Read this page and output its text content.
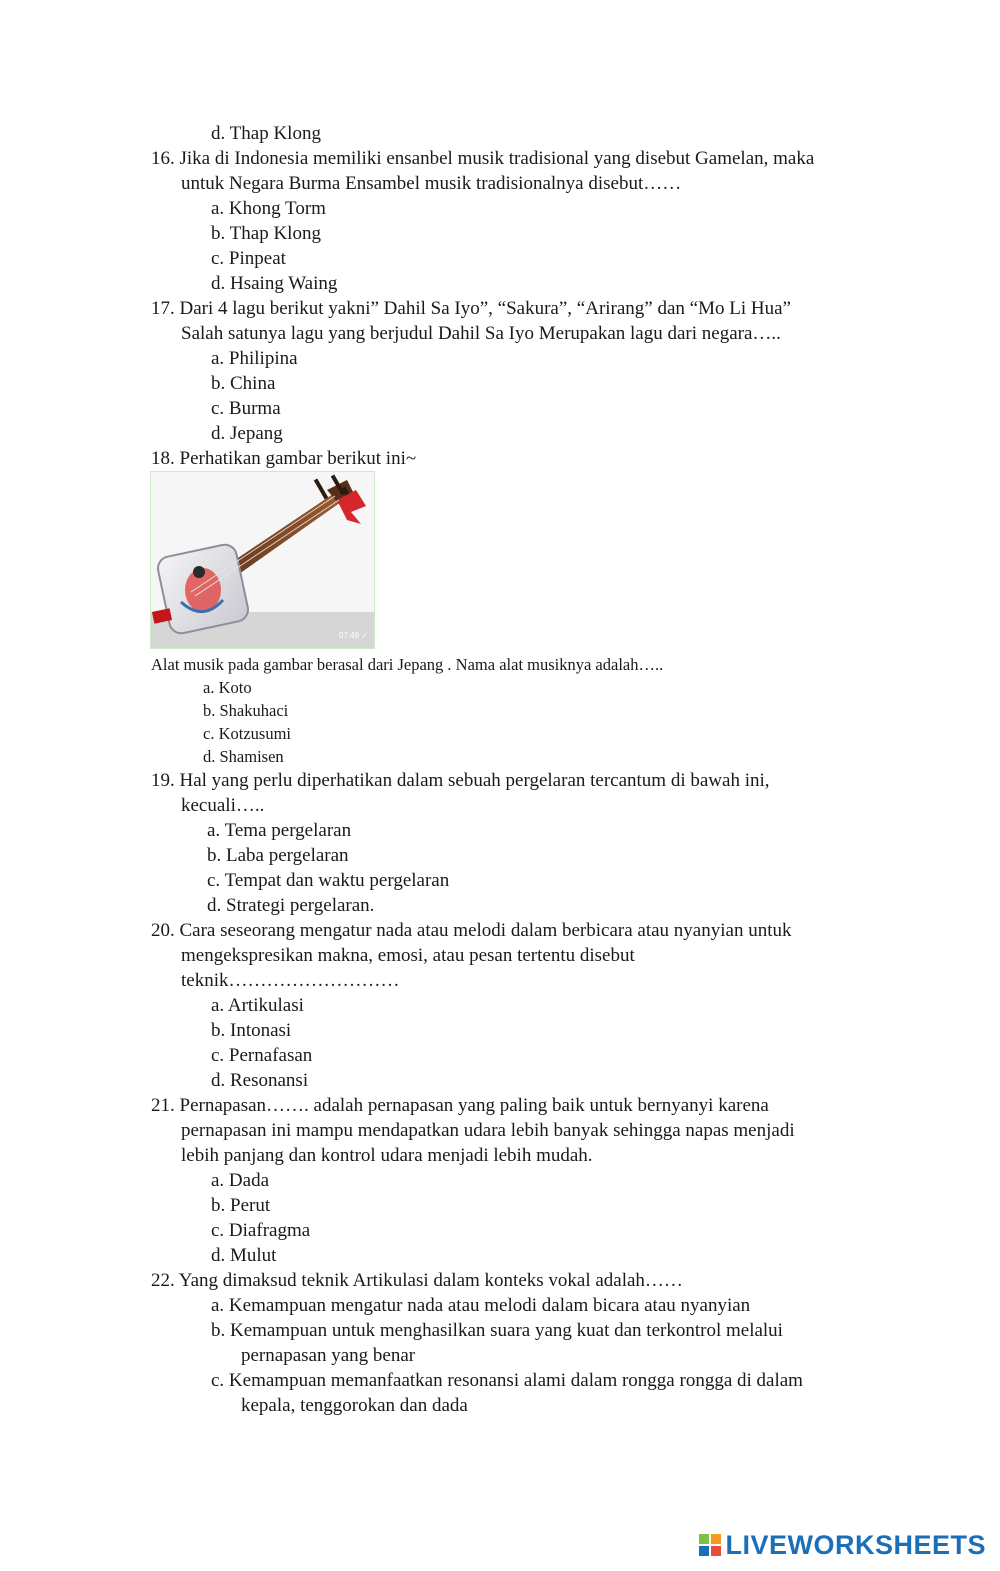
d. Thap Klong
16. Jika di Indonesia memiliki ensanbel musik tradisional yang disebut Gamelan, maka
untuk Negara Burma Ensambel musik tradisionalnya disebut……
a. Khong Torm
b. Thap Klong
c. Pinpeat
d. Hsaing Waing
17. Dari 4 lagu berikut yakni” Dahil Sa Iyo”, “Sakura”, “Arirang” dan “Mo Li Hua”
Salah satunya lagu yang berjudul Dahil Sa Iyo Merupakan lagu dari negara…..
a. Philipina
b. China
c. Burma
d. Jepang
18. Perhatikan gambar berikut ini~
07:49 ✓
Alat musik pada gambar berasal dari Jepang . Nama alat musiknya adalah…..
a. Koto
b. Shakuhaci
c. Kotzusumi
d. Shamisen
19. Hal yang perlu diperhatikan dalam sebuah pergelaran tercantum di bawah ini,
kecuali…..
a. Tema pergelaran
b. Laba pergelaran
c. Tempat dan waktu pergelaran
d. Strategi pergelaran.
20. Cara seseorang mengatur nada atau melodi dalam berbicara atau nyanyian untuk
mengekspresikan makna, emosi, atau pesan tertentu disebut
teknik………………………
a. Artikulasi
b. Intonasi
c. Pernafasan
d. Resonansi
21. Pernapasan……. adalah pernapasan yang paling baik untuk bernyanyi karena
pernapasan ini mampu mendapatkan udara lebih banyak sehingga napas menjadi
lebih panjang dan kontrol udara menjadi lebih mudah.
a. Dada
b. Perut
c. Diafragma
d. Mulut
22. Yang dimaksud teknik Artikulasi dalam konteks vokal adalah……
a. Kemampuan mengatur nada atau melodi dalam bicara atau nyanyian
b. Kemampuan untuk menghasilkan suara yang kuat dan terkontrol melalui
pernapasan yang benar
c. Kemampuan memanfaatkan resonansi alami dalam rongga rongga di dalam
kepala, tenggorokan dan dada
LIVEWORKSHEETS
